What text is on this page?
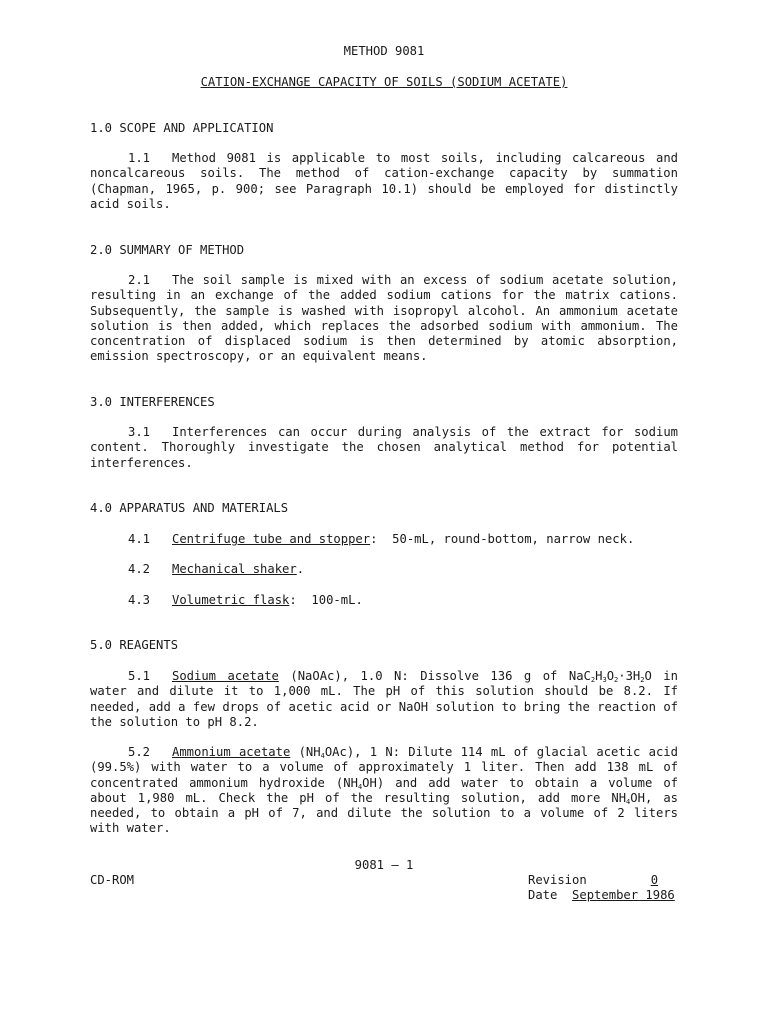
METHOD 9081
CATION-EXCHANGE CAPACITY OF SOILS (SODIUM ACETATE)
1.0 SCOPE AND APPLICATION
1.1 Method 9081 is applicable to most soils, including calcareous and noncalcareous soils. The method of cation-exchange capacity by summation (Chapman, 1965, p. 900; see Paragraph 10.1) should be employed for distinctly acid soils.
2.0 SUMMARY OF METHOD
2.1 The soil sample is mixed with an excess of sodium acetate solution, resulting in an exchange of the added sodium cations for the matrix cations. Subsequently, the sample is washed with isopropyl alcohol. An ammonium acetate solution is then added, which replaces the adsorbed sodium with ammonium. The concentration of displaced sodium is then determined by atomic absorption, emission spectroscopy, or an equivalent means.
3.0 INTERFERENCES
3.1 Interferences can occur during analysis of the extract for sodium content. Thoroughly investigate the chosen analytical method for potential interferences.
4.0 APPARATUS AND MATERIALS
4.1 Centrifuge tube and stopper:  50-mL, round-bottom, narrow neck.
4.2 Mechanical shaker.
4.3 Volumetric flask:  100-mL.
5.0 REAGENTS
5.1 Sodium acetate (NaOAc), 1.0 N: Dissolve 136 g of $NaC_2H_3O_2\cdot 3H_2O$ in water and dilute it to 1,000 mL. The pH of this solution should be 8.2. If needed, add a few drops of acetic acid or NaOH solution to bring the reaction of the solution to pH 8.2.
5.2 Ammonium acetate $(NH_4OAc)$, 1 N: Dilute 114 mL of glacial acetic acid (99.5%) with water to a volume of approximately 1 liter. Then add 138 mL of concentrated ammonium hydroxide $(NH_4OH)$ and add water to obtain a volume of about 1,980 mL. Check the pH of the resulting solution, add more $NH_4OH$, as needed, to obtain a pH of 7, and dilute the solution to a volume of 2 liters with water.
9081 – 1
CD-ROM	Revision	0
Date September 1986
